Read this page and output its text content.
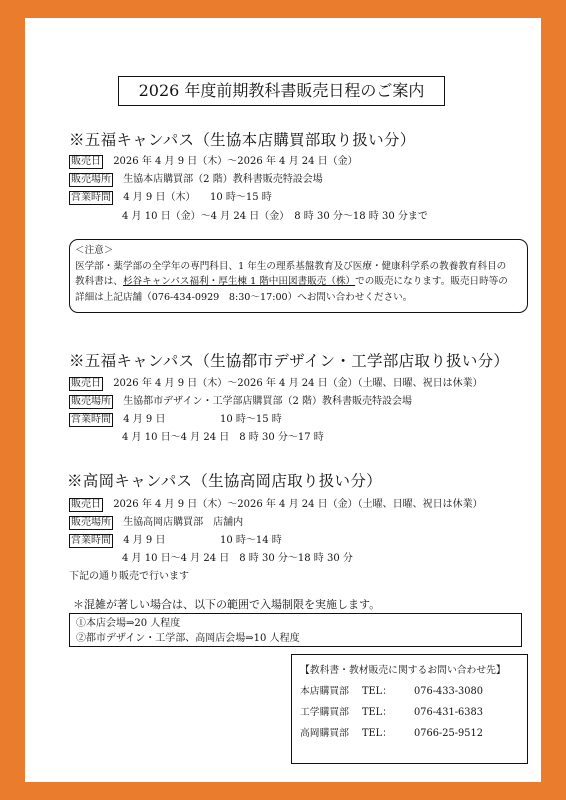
2026 年度前期教科書販売日程のご案内
※五福キャンパス（生協本店購買部取り扱い分）
販売日 2026 年 4 月 9 日（木）～2026 年 4 月 24 日（金）
販売場所 生協本店購買部（2 階）教科書販売特設会場
営業時間 4 月 9 日（木） 10 時～15 時
4 月 10 日（金）～4 月 24 日（金）　8 時 30 分～18 時 30 分まで
＜注意＞
医学部・薬学部の全学年の専門科目、1 年生の理系基盤教育及び医療・健康科学系の教養教育科目の
教科書は、杉谷キャンパス福利・厚生棟 1 階中田図書販売（株）での販売になります。販売日時等の
詳細は上記店舗（076-434-0929　8:30～17:00）へお問い合わせください。
※五福キャンパス（生協都市デザイン・工学部店取り扱い分）
販売日 2026 年 4 月 9 日（木）～2026 年 4 月 24 日（金）（土曜、日曜、祝日は休業）
販売場所 生協都市デザイン・工学部店購買部（2 階）教科書販売特設会場
営業時間 4 月 9 日	10 時～15 時
4 月 10 日～4 月 24 日　8 時 30 分～17 時
※高岡キャンパス（生協高岡店取り扱い分）
販売日 2026 年 4 月 9 日（木）～2026 年 4 月 24 日（金）（土曜、日曜、祝日は休業）
販売場所 生協高岡店購買部　店舗内
営業時間 4 月 9 日	10 時～14 時
4 月 10 日～4 月 24 日　8 時 30 分～18 時 30 分
下記の通り販売で行います
＊混雑が著しい場合は、以下の範囲で入場制限を実施します。
①本店会場⇒20 人程度
②都市デザイン・工学部、高岡店会場⇒10 人程度
【教科書・教材販売に関するお問い合わせ先】
本店購買部	TEL：	076-433-3080
工学購買部	TEL：	076-431-6383
高岡購買部	TEL：	0766-25-9512
